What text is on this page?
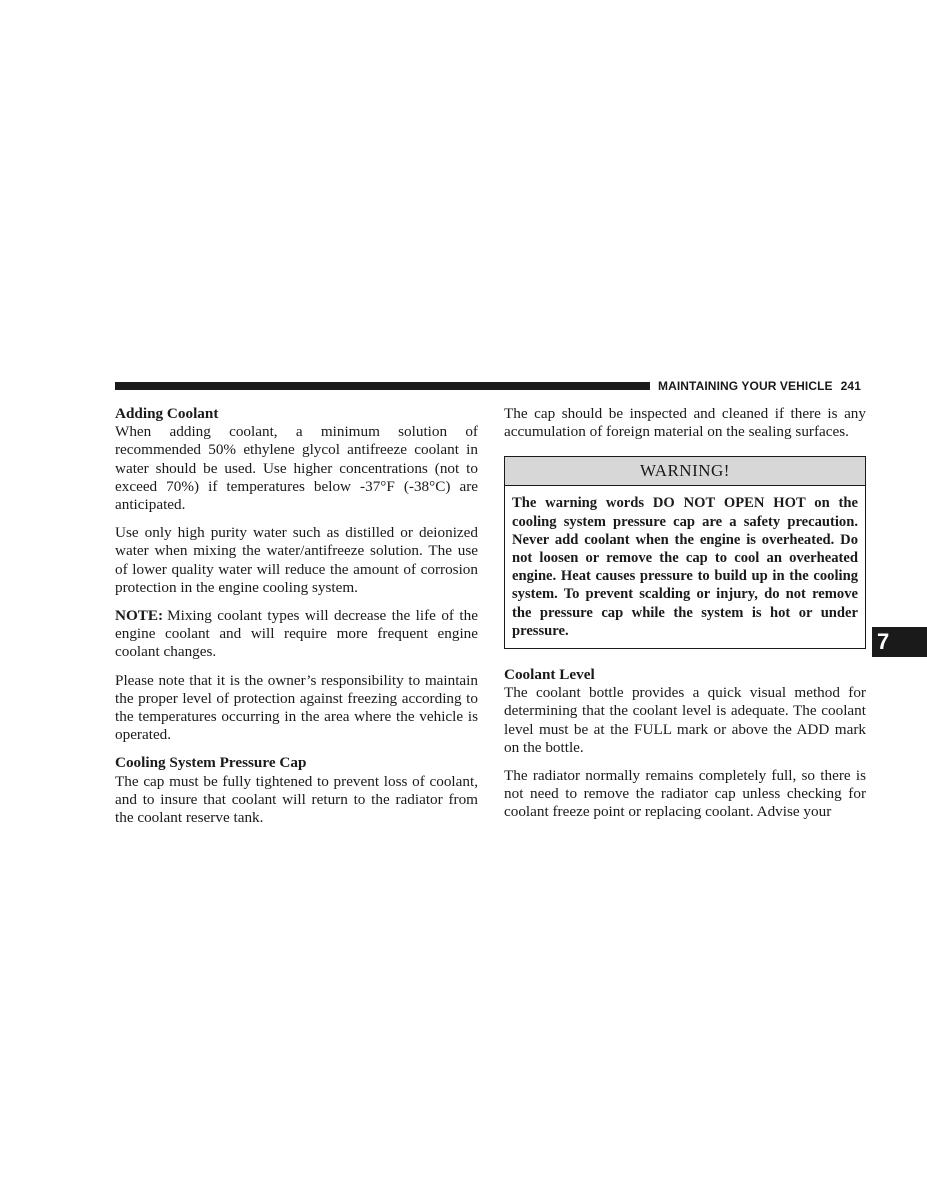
MAINTAINING YOUR VEHICLE 241
Adding Coolant

When adding coolant, a minimum solution of recommended 50% ethylene glycol antifreeze coolant in water should be used. Use higher concentrations (not to exceed 70%) if temperatures below -37°F (-38°C) are anticipated.

Use only high purity water such as distilled or deionized water when mixing the water/antifreeze solution. The use of lower quality water will reduce the amount of corrosion protection in the engine cooling system.

NOTE: Mixing coolant types will decrease the life of the engine coolant and will require more frequent engine coolant changes.

Please note that it is the owner’s responsibility to maintain the proper level of protection against freezing according to the temperatures occurring in the area where the vehicle is operated.

Cooling System Pressure Cap

The cap must be fully tightened to prevent loss of coolant, and to insure that coolant will return to the radiator from the coolant reserve tank.

The cap should be inspected and cleaned if there is any accumulation of foreign material on the sealing surfaces.

WARNING!
The warning words DO NOT OPEN HOT on the cooling system pressure cap are a safety precaution. Never add coolant when the engine is overheated. Do not loosen or remove the cap to cool an overheated engine. Heat causes pressure to build up in the cooling system. To prevent scalding or injury, do not remove the pressure cap while the system is hot or under pressure.
Coolant Level

The coolant bottle provides a quick visual method for determining that the coolant level is adequate. The coolant level must be at the FULL mark or above the ADD mark on the bottle.

The radiator normally remains completely full, so there is not need to remove the radiator cap unless checking for coolant freeze point or replacing coolant. Advise your

7
